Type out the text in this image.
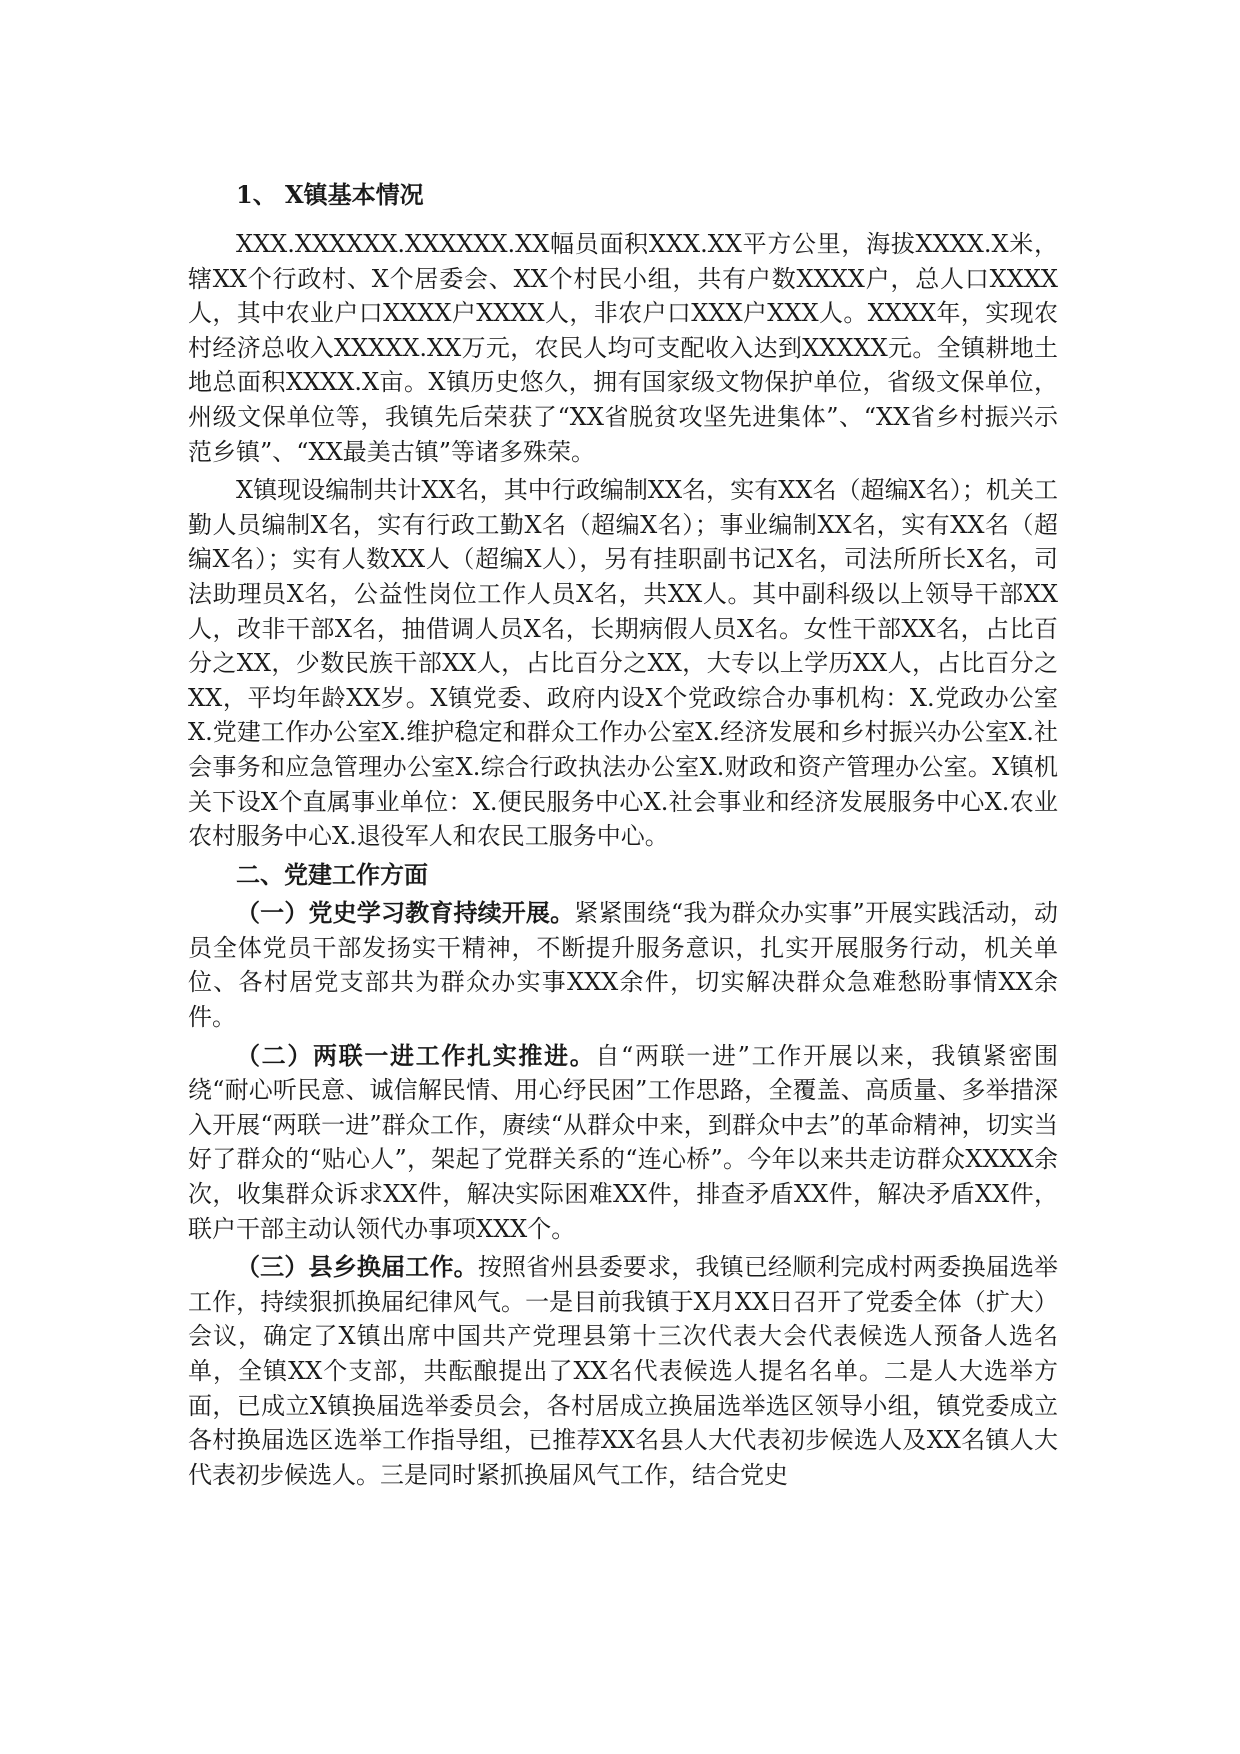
1、 X镇基本情况

XXX.XXXXXX.XXXXXX.XX幅员面积XXX.XX平方公里，海拔XXXX.X米，辖XX个行政村、X个居委会、XX个村民小组，共有户数XXXX户，总人口XXXX人，其中农业户口XXXX户XXXX人，非农户口XXX户XXX人。XXXX年，实现农村经济总收入XXXXX.XX万元，农民人均可支配收入达到XXXXX元。全镇耕地土地总面积XXXX.X亩。X镇历史悠久，拥有国家级文物保护单位，省级文保单位，州级文保单位等，我镇先后荣获了“XX省脱贫攻坚先进集体”、“XX省乡村振兴示范乡镇”、“XX最美古镇”等诸多殊荣。

X镇现设编制共计XX名，其中行政编制XX名，实有XX名（超编X名）；机关工勤人员编制X名，实有行政工勤X名（超编X名）；事业编制XX名，实有XX名（超编X名）；实有人数XX人（超编X人），另有挂职副书记X名，司法所所长X名，司法助理员X名，公益性岗位工作人员X名，共XX人。其中副科级以上领导干部XX人，改非干部X名，抽借调人员X名，长期病假人员X名。女性干部XX名，占比百分之XX，少数民族干部XX人，占比百分之XX，大专以上学历XX人，占比百分之XX，平均年龄XX岁。X镇党委、政府内设X个党政综合办事机构：X.党政办公室X.党建工作办公室X.维护稳定和群众工作办公室X.经济发展和乡村振兴办公室X.社会事务和应急管理办公室X.综合行政执法办公室X.财政和资产管理办公室。X镇机关下设X个直属事业单位：X.便民服务中心X.社会事业和经济发展服务中心X.农业农村服务中心X.退役军人和农民工服务中心。

二、党建工作方面

（一）党史学习教育持续开展。紧紧围绕“我为群众办实事”开展实践活动，动员全体党员干部发扬实干精神，不断提升服务意识，扎实开展服务行动，机关单位、各村居党支部共为群众办实事XXX余件，切实解决群众急难愁盼事情XX余件。

（二）两联一进工作扎实推进。自“两联一进”工作开展以来，我镇紧密围绕“耐心听民意、诚信解民情、用心纾民困”工作思路，全覆盖、高质量、多举措深入开展“两联一进”群众工作，赓续“从群众中来，到群众中去”的革命精神，切实当好了群众的“贴心人”，架起了党群关系的“连心桥”。今年以来共走访群众XXXX余次，收集群众诉求XX件，解决实际困难XX件，排查矛盾XX件，解决矛盾XX件，联户干部主动认领代办事项XXX个。

（三）县乡换届工作。按照省州县委要求，我镇已经顺利完成村两委换届选举工作，持续狠抓换届纪律风气。一是目前我镇于X月XX日召开了党委全体（扩大）会议，确定了X镇出席中国共产党理县第十三次代表大会代表候选人预备人选名单，全镇XX个支部，共酝酿提出了XX名代表候选人提名名单。二是人大选举方面，已成立X镇换届选举委员会，各村居成立换届选举选区领导小组，镇党委成立各村换届选区选举工作指导组，已推荐XX名县人大代表初步候选人及XX名镇人大代表初步候选人。三是同时紧抓换届风气工作，结合党史
